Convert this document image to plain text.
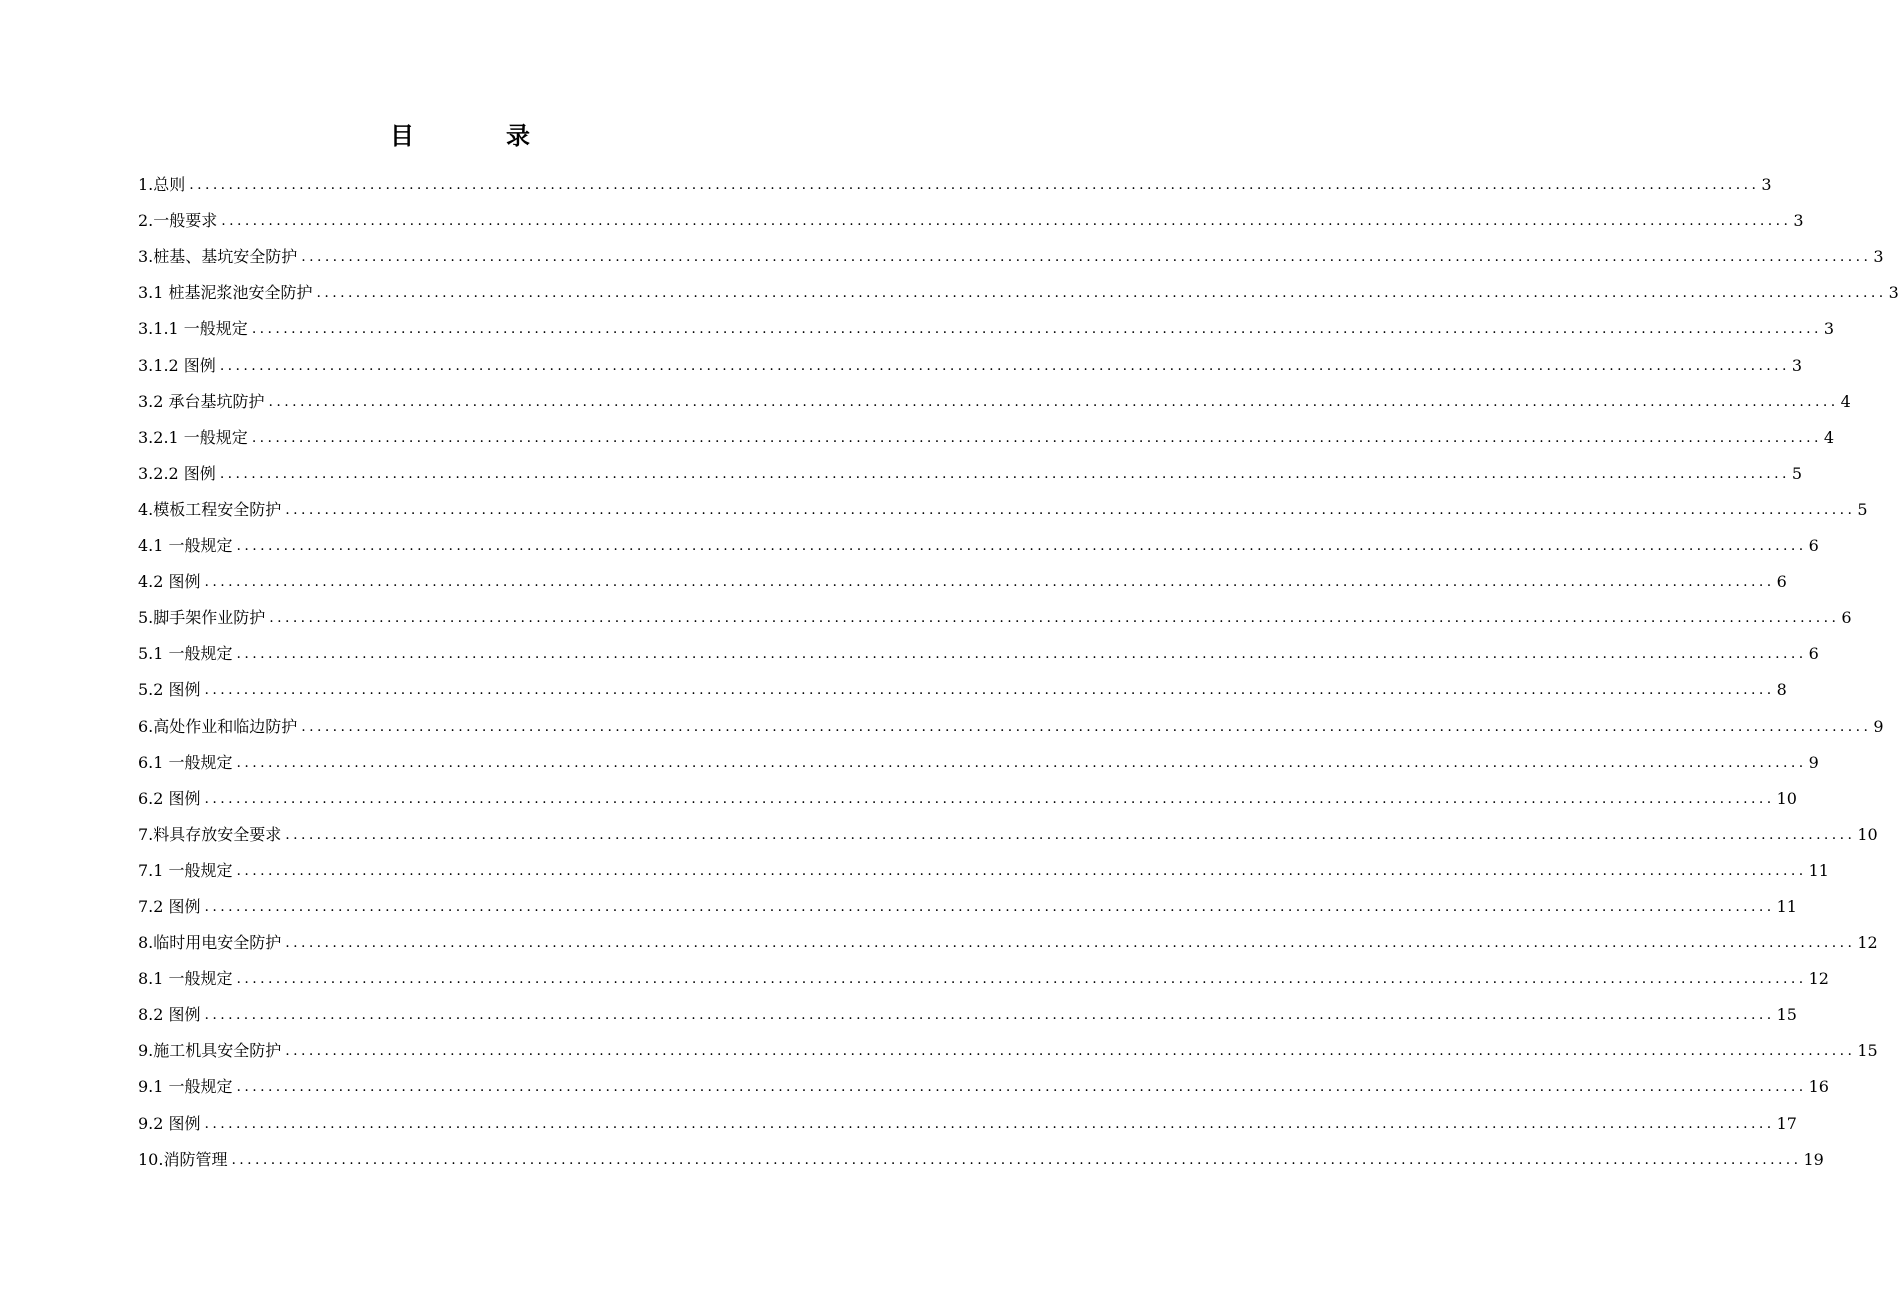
目　录
1.总则 ........................................................................................................................................................................................................ 3
2.一般要求 ........................................................................................................................................................................................................ 3
3.桩基、基坑安全防护 ........................................................................................................................................................................................................ 3
3.1 桩基泥浆池安全防护 ........................................................................................................................................................................................................ 3
3.1.1 一般规定 ........................................................................................................................................................................................................ 3
3.1.2 图例 ........................................................................................................................................................................................................ 3
3.2 承台基坑防护 ........................................................................................................................................................................................................ 4
3.2.1 一般规定 ........................................................................................................................................................................................................ 4
3.2.2 图例 ........................................................................................................................................................................................................ 5
4.模板工程安全防护 ........................................................................................................................................................................................................ 5
4.1 一般规定 ........................................................................................................................................................................................................ 6
4.2 图例 ........................................................................................................................................................................................................ 6
5.脚手架作业防护 ........................................................................................................................................................................................................ 6
5.1 一般规定 ........................................................................................................................................................................................................ 6
5.2 图例 ........................................................................................................................................................................................................ 8
6.高处作业和临边防护 ........................................................................................................................................................................................................ 9
6.1 一般规定 ........................................................................................................................................................................................................ 9
6.2 图例 ........................................................................................................................................................................................................ 10
7.料具存放安全要求 ........................................................................................................................................................................................................ 10
7.1 一般规定 ........................................................................................................................................................................................................ 11
7.2 图例 ........................................................................................................................................................................................................ 11
8.临时用电安全防护 ........................................................................................................................................................................................................ 12
8.1 一般规定 ........................................................................................................................................................................................................ 12
8.2 图例 ........................................................................................................................................................................................................ 15
9.施工机具安全防护 ........................................................................................................................................................................................................ 15
9.1 一般规定 ........................................................................................................................................................................................................ 16
9.2 图例 ........................................................................................................................................................................................................ 17
10.消防管理 ........................................................................................................................................................................................................ 19
